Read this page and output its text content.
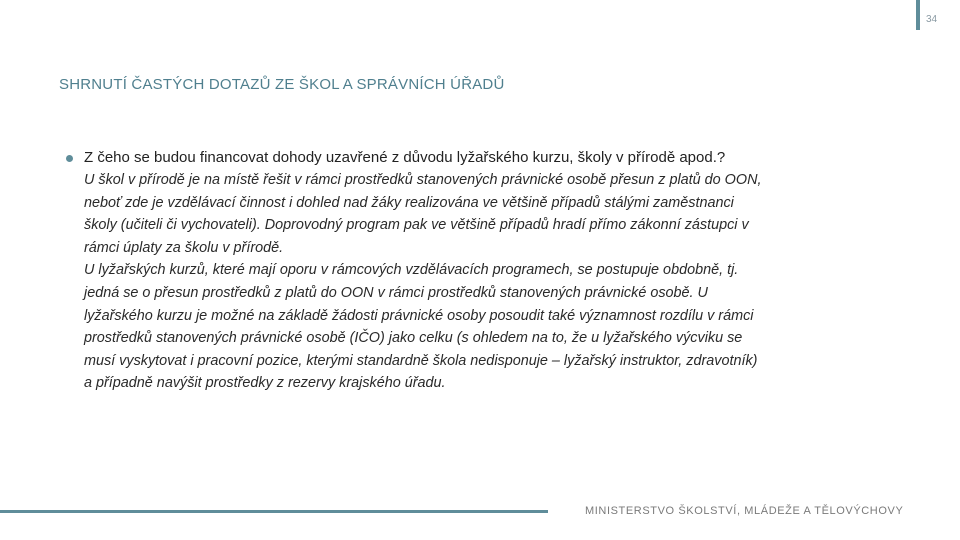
34
SHRNUTÍ ČASTÝCH DOTAZŮ ZE ŠKOL A SPRÁVNÍCH ÚŘADŮ
Z čeho se budou financovat dohody uzavřené z důvodu lyžařského kurzu, školy v přírodě apod.?
U škol v přírodě je na místě řešit v rámci prostředků stanovených právnické osobě přesun z platů do OON,
neboť zde je vzdělávací činnost i dohled nad žáky realizována ve většině případů stálými zaměstnanci
školy (učiteli či vychovateli). Doprovodný program pak ve většině případů hradí přímo zákonní zástupci v
rámci úplaty za školu v přírodě.
U lyžařských kurzů, které mají oporu v rámcových vzdělávacích programech, se postupuje obdobně, tj.
jedná se o přesun prostředků z platů do OON v rámci prostředků stanovených právnické osobě. U
lyžařského kurzu je možné na základě žádosti právnické osoby posoudit také významnost rozdílu v rámci
prostředků stanovených právnické osobě (IČO) jako celku (s ohledem na to, že u lyžařského výcviku se
musí vyskytovat i pracovní pozice, kterými standardně škola nedisponuje – lyžařský instruktor, zdravotník)
a případně navýšit prostředky z rezervy krajského úřadu.
MINISTERSTVO ŠKOLSTVÍ, MLÁDEŽE A TĚLOVÝCHOVY
